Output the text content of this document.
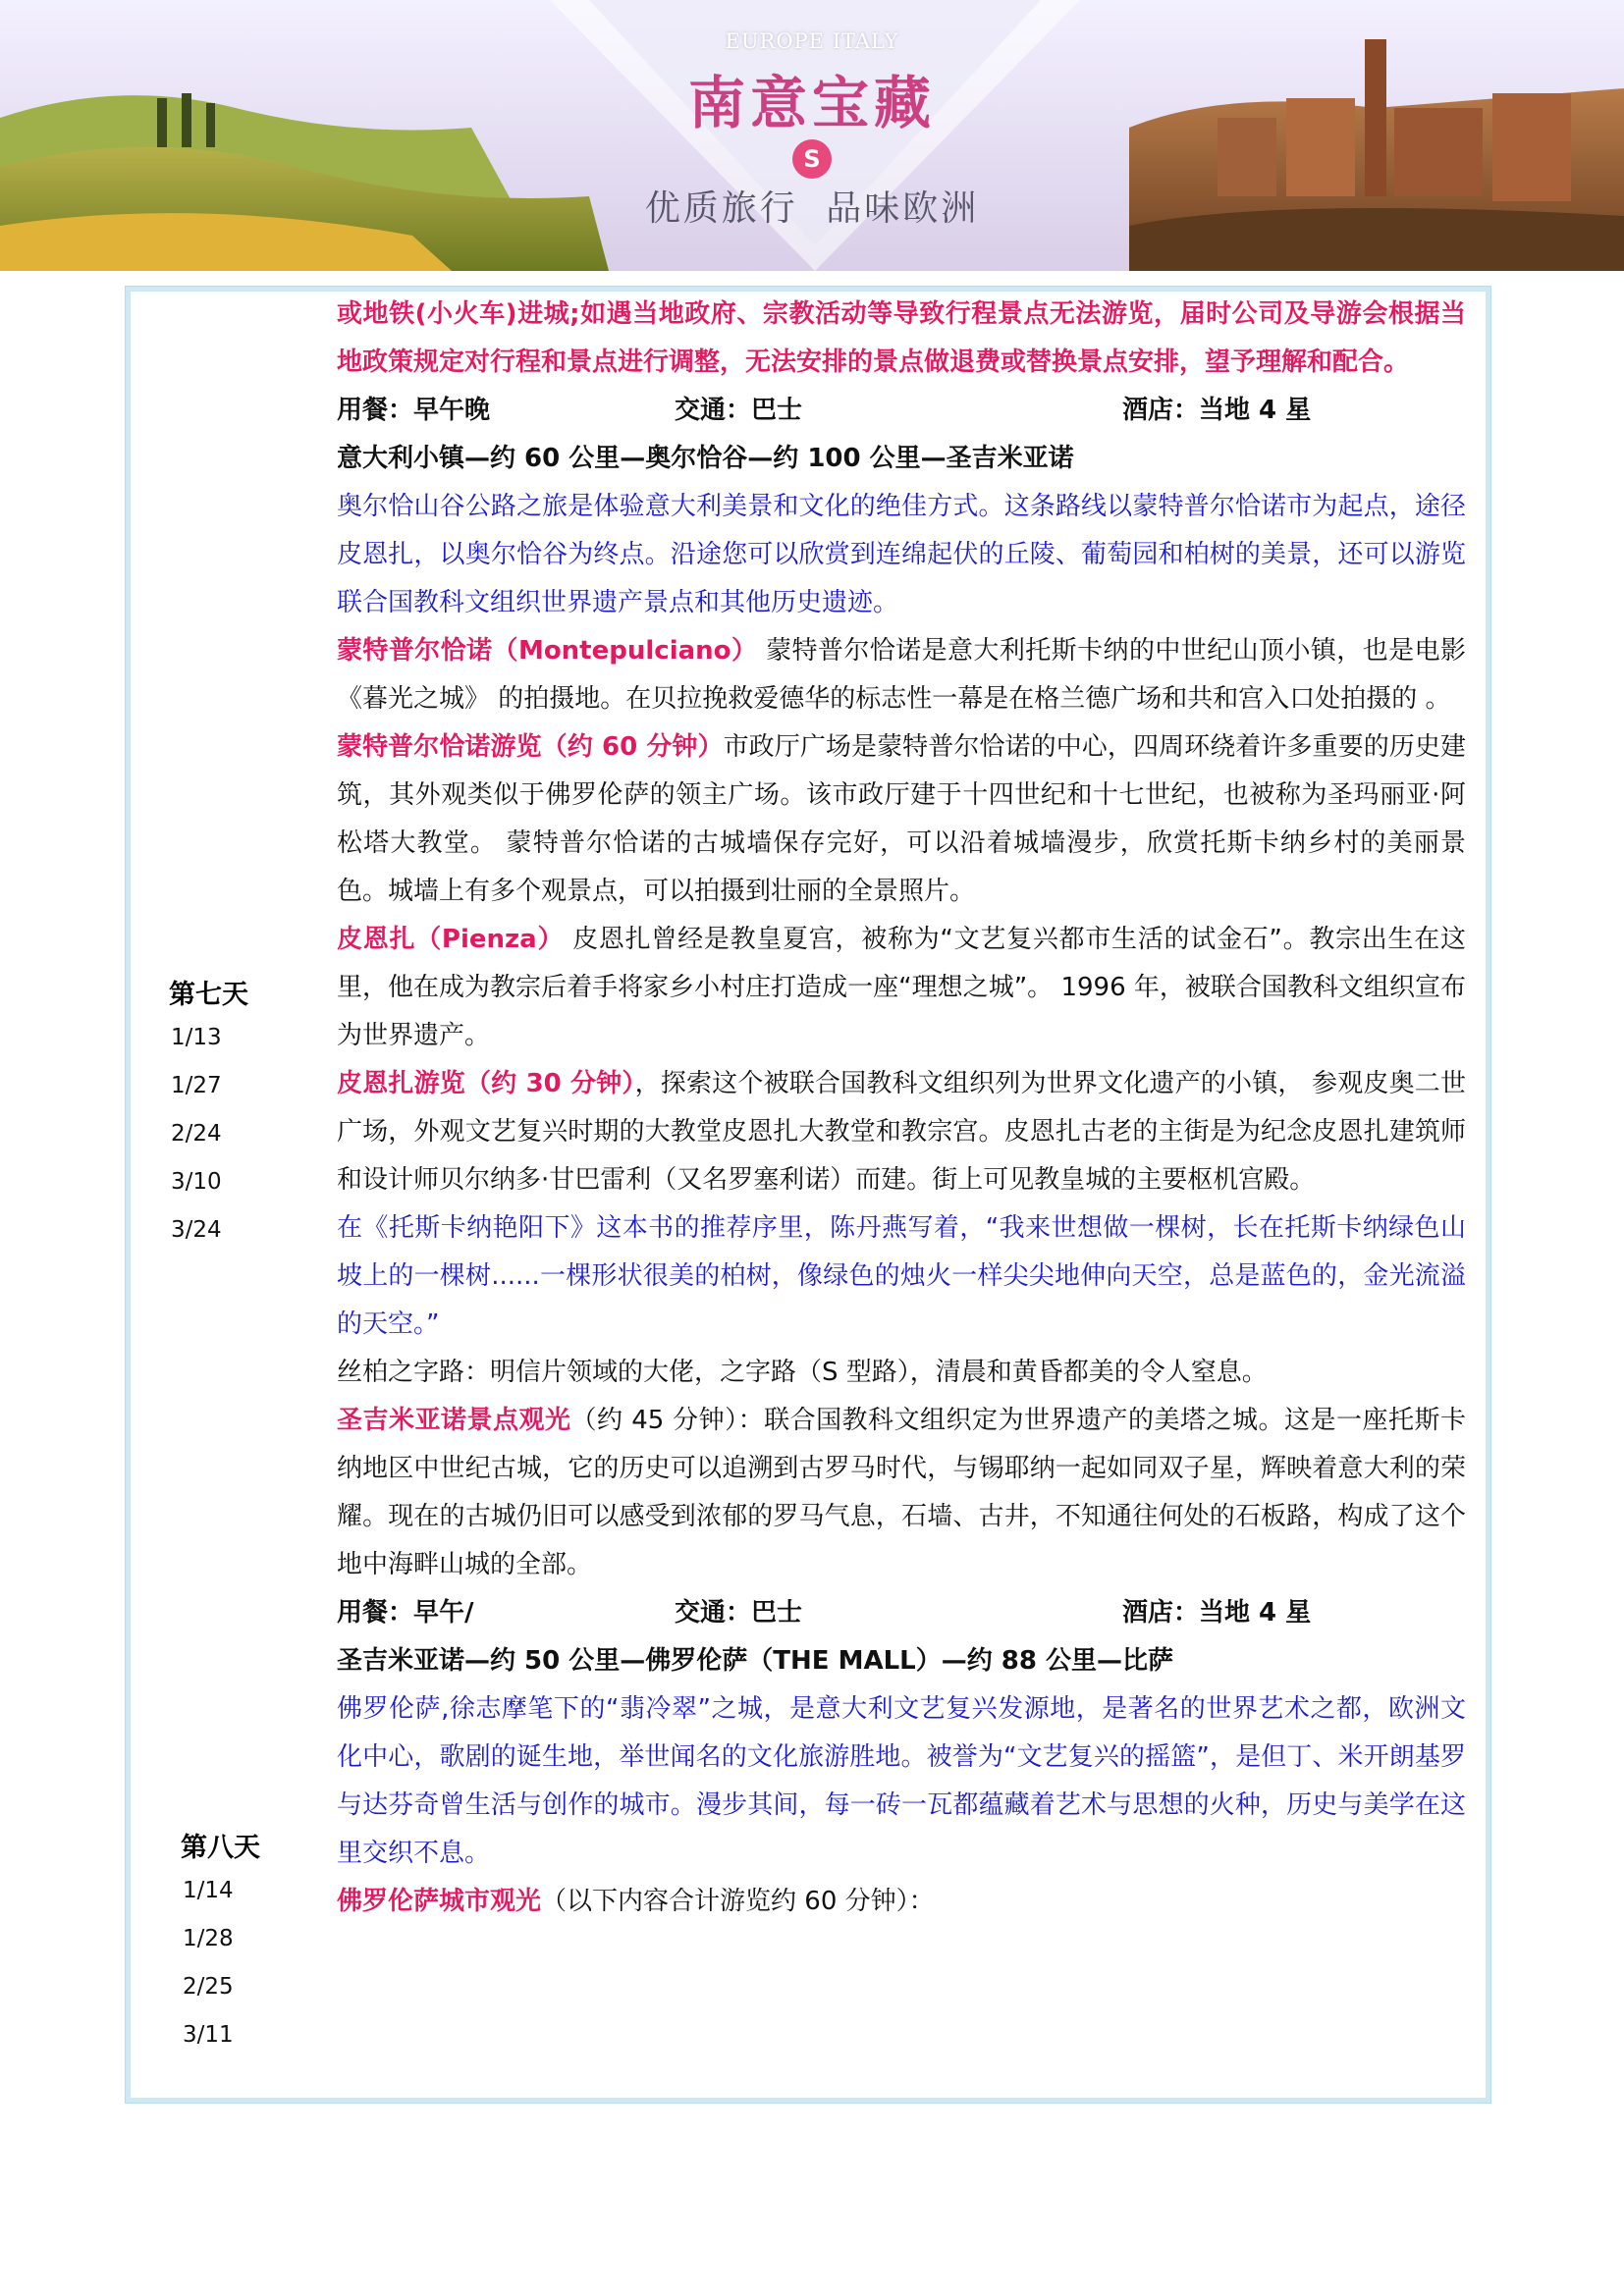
EUROPE ITALY
南意宝藏
S
优质旅行 品味欧洲
第七天
1/13
1/27
2/24
3/10
3/24
第八天
1/14
1/28
2/25
3/11

或地铁(小火车)进城;如遇当地政府、宗教活动等导致行程景点无法游览，届时公司及导游会根据当地政策规定对行程和景点进行调整，无法安排的景点做退费或替换景点安排，望予理解和配合。

用餐：早午晚	交通：巴士	酒店：当地 4 星

意大利小镇—约 60 公里—奥尔恰谷—约 100 公里—圣吉米亚诺

奥尔恰山谷公路之旅是体验意大利美景和文化的绝佳方式。这条路线以蒙特普尔恰诺市为起点，途径皮恩扎，以奥尔恰谷为终点。沿途您可以欣赏到连绵起伏的丘陵、葡萄园和柏树的美景，还可以游览联合国教科文组织世界遗产景点和其他历史遗迹。

蒙特普尔恰诺（Montepulciano） 蒙特普尔恰诺是意大利托斯卡纳的中世纪山顶小镇，也是电影《暮光之城》 的拍摄地。在贝拉挽救爱德华的标志性一幕是在格兰德广场和共和宫入口处拍摄的 。

蒙特普尔恰诺游览（约 60 分钟）市政厅广场是蒙特普尔恰诺的中心，四周环绕着许多重要的历史建筑，其外观类似于佛罗伦萨的领主广场。该市政厅建于十四世纪和十七世纪，也被称为圣玛丽亚·阿松塔大教堂。 蒙特普尔恰诺的古城墙保存完好，可以沿着城墙漫步，欣赏托斯卡纳乡村的美丽景色。城墙上有多个观景点，可以拍摄到壮丽的全景照片。

皮恩扎（Pienza） 皮恩扎曾经是教皇夏宫，被称为“文艺复兴都市生活的试金石”。教宗出生在这里，他在成为教宗后着手将家乡小村庄打造成一座“理想之城”。 1996 年，被联合国教科文组织宣布为世界遗产。

皮恩扎游览（约 30 分钟），探索这个被联合国教科文组织列为世界文化遗产的小镇， 参观皮奥二世广场，外观文艺复兴时期的大教堂皮恩扎大教堂和教宗宫。皮恩扎古老的主街是为纪念皮恩扎建筑师和设计师贝尔纳多·甘巴雷利（又名罗塞利诺）而建。街上可见教皇城的主要枢机宫殿。

在《托斯卡纳艳阳下》这本书的推荐序里，陈丹燕写着，“我来世想做一棵树，长在托斯卡纳绿色山坡上的一棵树......一棵形状很美的柏树，像绿色的烛火一样尖尖地伸向天空，总是蓝色的，金光流溢的天空。”

丝柏之字路：明信片领域的大佬，之字路（S 型路），清晨和黄昏都美的令人窒息。

圣吉米亚诺景点观光（约 45 分钟）：联合国教科文组织定为世界遗产的美塔之城。这是一座托斯卡纳地区中世纪古城，它的历史可以追溯到古罗马时代，与锡耶纳一起如同双子星，辉映着意大利的荣耀。现在的古城仍旧可以感受到浓郁的罗马气息，石墙、古井，不知通往何处的石板路，构成了这个地中海畔山城的全部。

用餐：早午/	交通：巴士	酒店：当地 4 星

圣吉米亚诺—约 50 公里—佛罗伦萨（THE MALL）—约 88 公里—比萨

佛罗伦萨,徐志摩笔下的“翡冷翠”之城，是意大利文艺复兴发源地，是著名的世界艺术之都，欧洲文化中心，歌剧的诞生地，举世闻名的文化旅游胜地。被誉为“文艺复兴的摇篮”，是但丁、米开朗基罗与达芬奇曾生活与创作的城市。漫步其间，每一砖一瓦都蕴藏着艺术与思想的火种，历史与美学在这里交织不息。

佛罗伦萨城市观光（以下内容合计游览约 60 分钟）：
